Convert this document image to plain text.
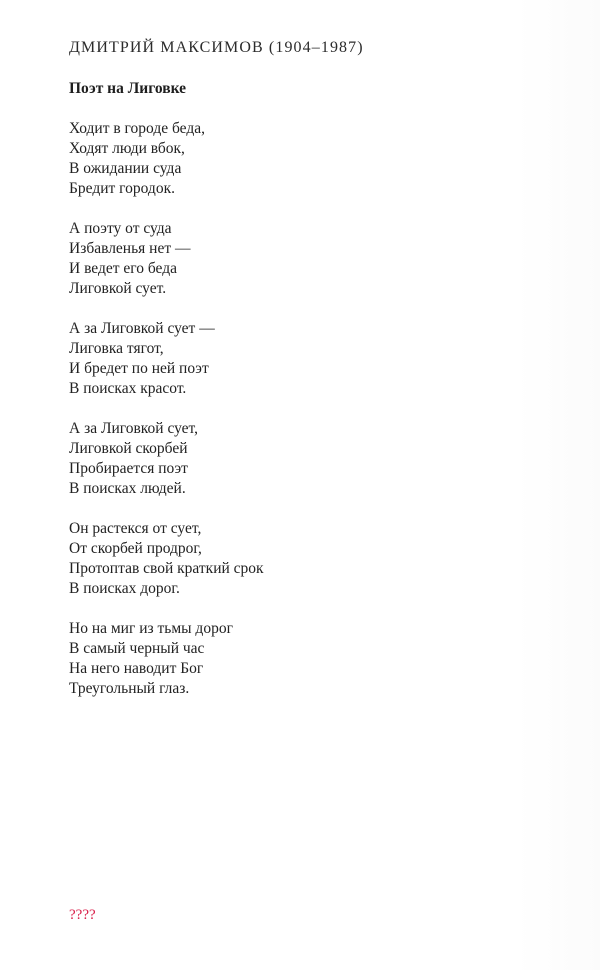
ДМИТРИЙ МАКСИМОВ (1904–1987)
Поэт на Лиговке
Ходит в городе беда,
Ходят люди вбок,
В ожидании суда
Бредит городок.
А поэту от суда
Избавленья нет —
И ведет его беда
Лиговкой сует.
А за Лиговкой сует —
Лиговка тягот,
И бредет по ней поэт
В поисках красот.
А за Лиговкой сует,
Лиговкой скорбей
Пробирается поэт
В поисках людей.
Он растекся от сует,
От скорбей продрог,
Протоптав свой краткий срок
В поисках дорог.
Но на миг из тьмы дорог
В самый черный час
На него наводит Бог
Треугольный глаз.
????
